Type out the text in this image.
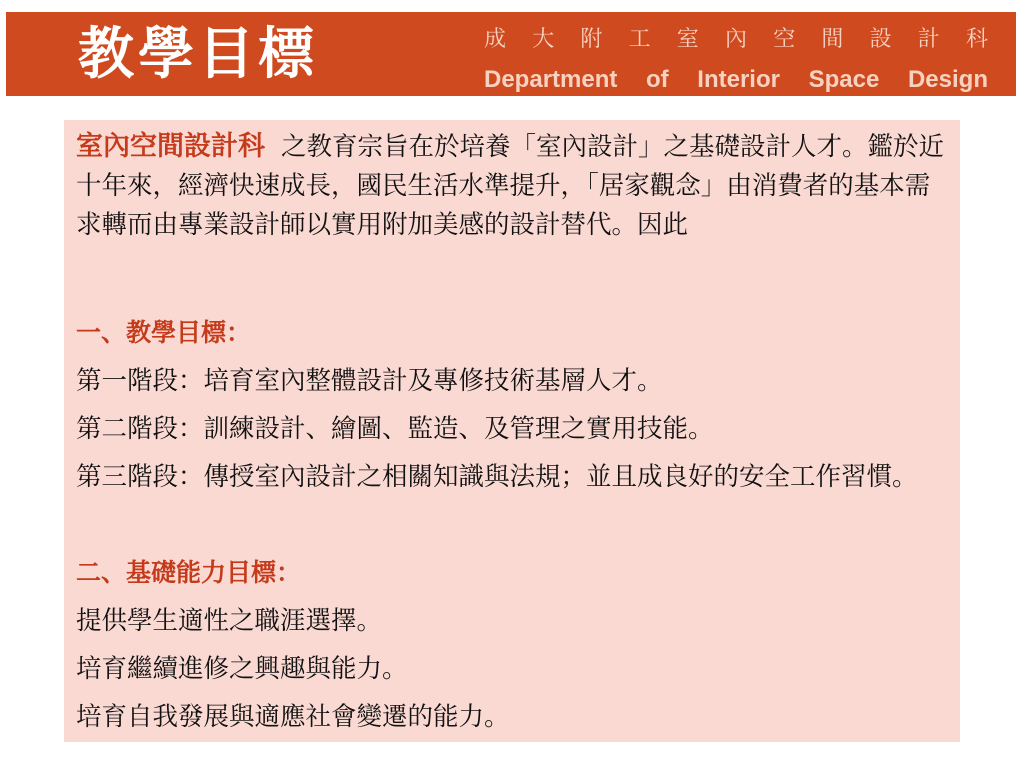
教學目標	成 大 附 工 室 內 空 間 設 計 科
Department of Interior Space Design
室內空間設計科 之教育宗旨在於培養「室內設計」之基礎設計人才。鑑於近
十年來，經濟快速成長，國民生活水準提升，「居家觀念」由消費者的基本需
求轉而由專業設計師以實用附加美感的設計替代。因此
一、教學目標：
第一階段：培育室內整體設計及專修技術基層人才。
第二階段：訓練設計、繪圖、監造、及管理之實用技能。
第三階段：傳授室內設計之相關知識與法規；並且成良好的安全工作習慣。
二、基礎能力目標：
提供學生適性之職涯選擇。
培育繼續進修之興趣與能力。
培育自我發展與適應社會變遷的能力。
